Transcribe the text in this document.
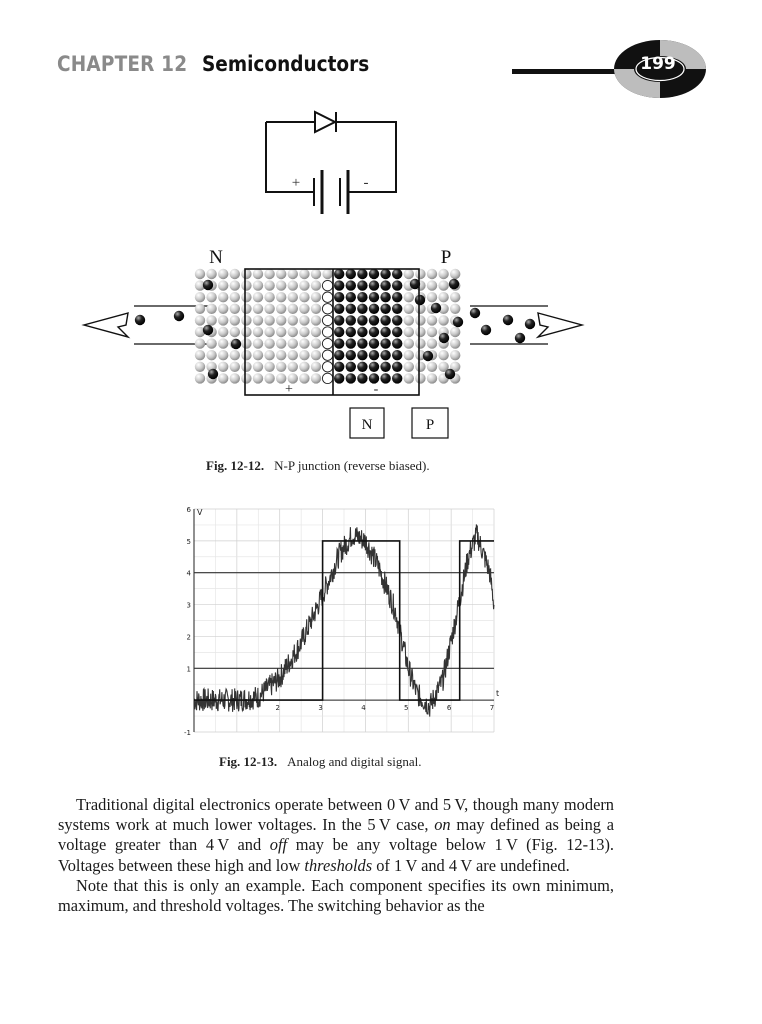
CHAPTER 12 Semiconductors	199
+	-
N	P
+	-
N	P
Fig. 12-12. N-P junction (reverse biased).
2	3	4	5	6	7
-1
1
2
3
4
5
6 V
t
Fig. 12-13. Analog and digital signal.

Traditional digital electronics operate between 0 V and 5 V, though many modern systems work at much lower voltages. In the 5 V case, on may defined as being a voltage greater than 4 V and off may be any voltage below 1 V (Fig. 12-13). Voltages between these high and low thresholds of 1 V and 4 V are undefined.

Note that this is only an example. Each component specifies its own minimum, maximum, and threshold voltages. The switching behavior as the
